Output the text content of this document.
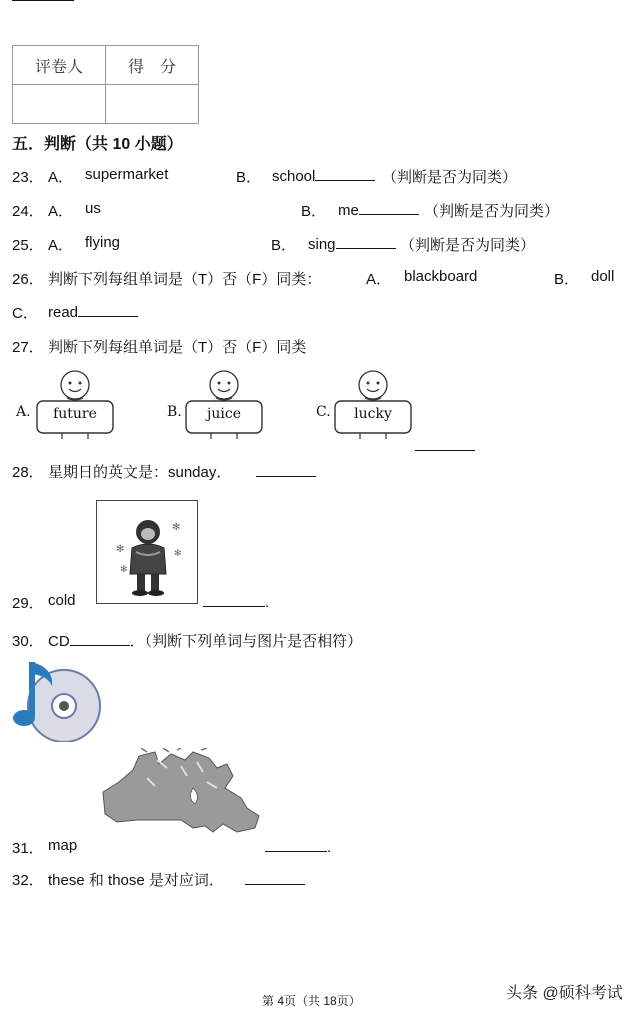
评卷人	得　分

五．判断（共 10 小题）
23． A． supermarket	B． school	（判断是否为同类）
24． A． us	B． me	（判断是否为同类）
25． A． flying	B． sing	（判断是否为同类）
26． 判断下列每组单词是（T）否（F）同类：	A． blackboard	B． doll
C． read
27． 判断下列每组单词是（T）否（F）同类
A.	future	B.	juice	C.	lucky
28． 星期日的英文是：sunday．
✻
✻
✻
✻
29． cold	.
30． CD	．（判断下列单词与图片是否相符）
31． map	.
32． these 和 those 是对应词．
第 4页（共 18页）	头条 @硕科考试
